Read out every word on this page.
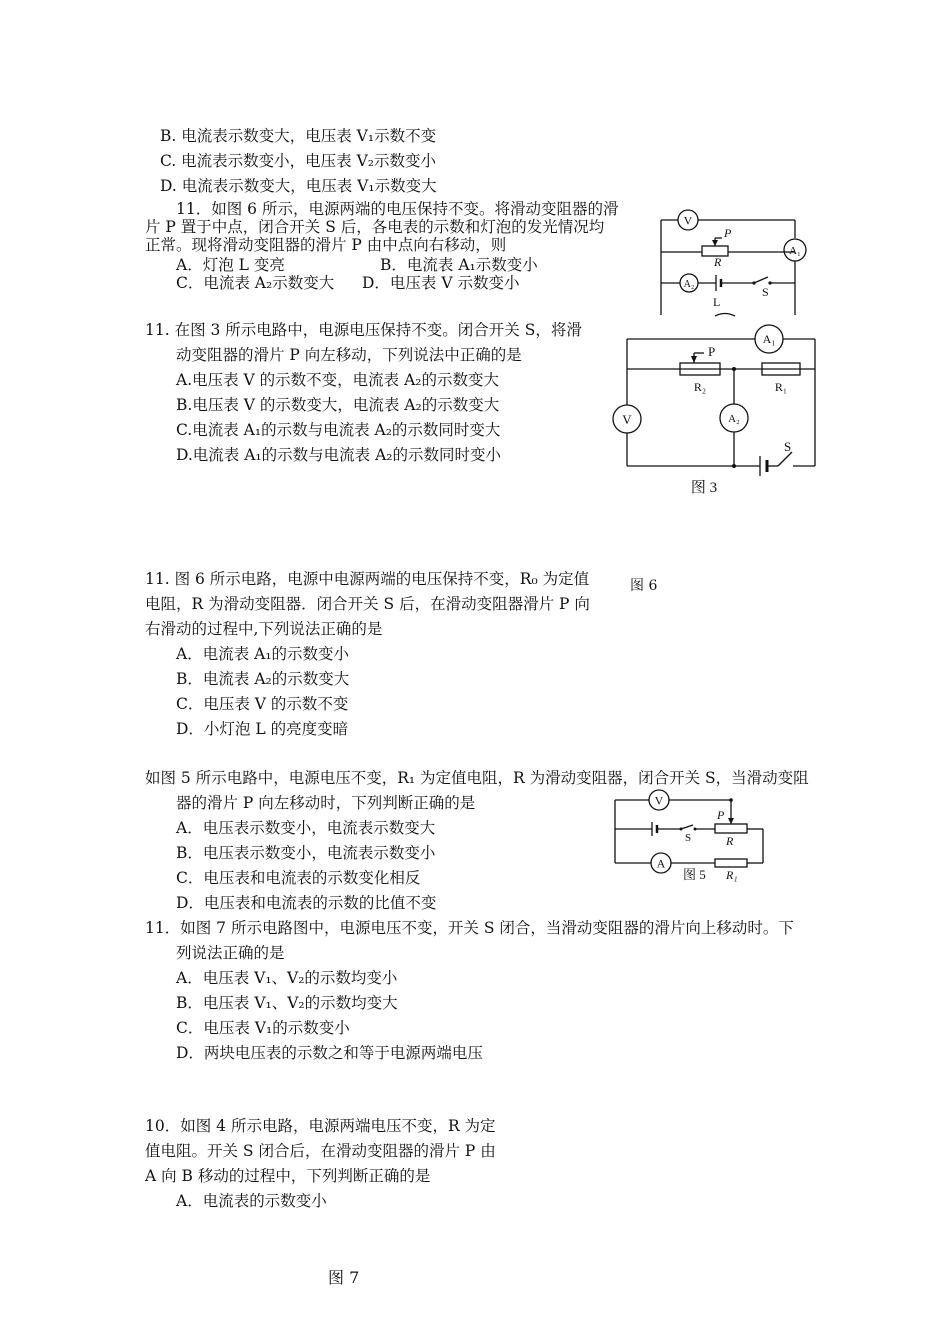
B. 电流表示数变大，电压表 V₁示数不变
C. 电流表示数变小，电压表 V₂示数变小
D. 电流表示数变大，电压表 V₁示数变大
11．如图 6 所示，电源两端的电压保持不变。将滑动变阻器的滑
片 P 置于中点，闭合开关 S 后，各电表的示数和灯泡的发光情况均
正常。现将滑动变阻器的滑片 P 由中点向右移动，则
A．灯泡 L 变亮	B．电流表 A₁示数变小
C．电流表 A₂示数变大 D．电压表 V 示数变小
V
P
R
A₁
A₂
L
S
11. 在图 3 所示电路中，电源电压保持不变。闭合开关 S，将滑
动变阻器的滑片 P 向左移动，下列说法中正确的是
A.电压表 V 的示数不变，电流表 A₂的示数变大
B.电压表 V 的示数变大，电流表 A₂的示数变大
C.电流表 A₁的示数与电流表 A₂的示数同时变大
D.电流表 A₁的示数与电流表 A₂的示数同时变小
A₁
P
R₂	R₁
V	A₂
S
图 3
11. 图 6 所示电路，电源中电源两端的电压保持不变，R₀ 为定值
电阻，R 为滑动变阻器．闭合开关 S 后，在滑动变阻器滑片 P 向
右滑动的过程中,下列说法正确的是
A．电流表 A₁的示数变小
B．电流表 A₂的示数变大
C．电压表 V 的示数不变
D．小灯泡 L 的亮度变暗
图 6
如图 5 所示电路中，电源电压不变，R₁ 为定值电阻，R 为滑动变阻器，闭合开关 S，当滑动变阻
器的滑片 P 向左移动时，下列判断正确的是
A．电压表示数变小，电流表示数变大
B．电压表示数变小，电流表示数变小
C．电压表和电流表的示数变化相反
D．电压表和电流表的示数的比值不变
V
P
R
S
A
图 5 R₁
11．如图 7 所示电路图中，电源电压不变，开关 S 闭合，当滑动变阻器的滑片向上移动时。下
列说法正确的是
A．电压表 V₁、V₂的示数均变小
B．电压表 V₁、V₂的示数均变大
C．电压表 V₁的示数变小
D．两块电压表的示数之和等于电源两端电压
10．如图 4 所示电路，电源两端电压不变，R 为定
值电阻。开关 S 闭合后，在滑动变阻器的滑片 P 由
A 向 B 移动的过程中，下列判断正确的是
A．电流表的示数变小
图 7
